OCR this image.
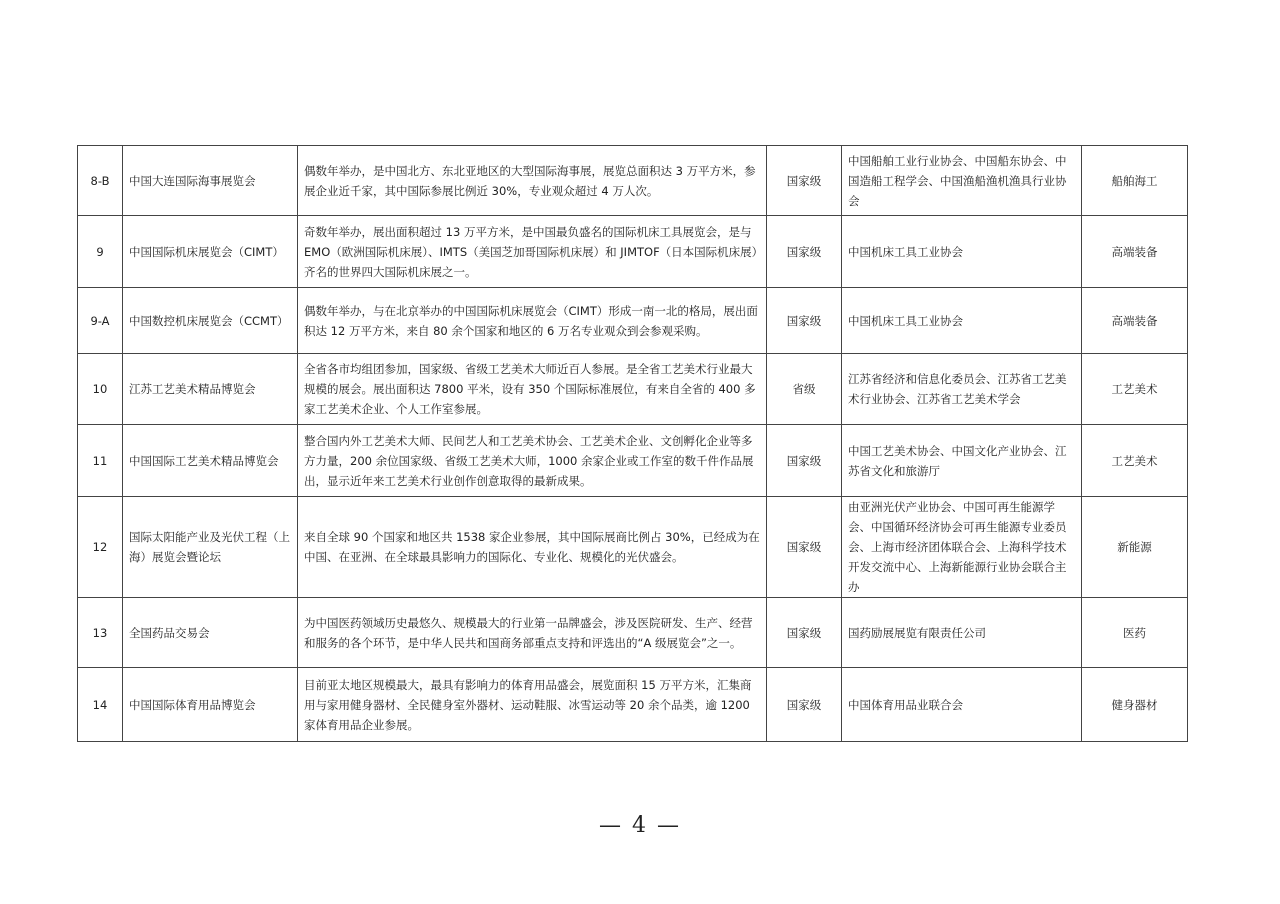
8-B	中国大连国际海事展览会	偶数年举办，是中国北方、东北亚地区的大型国际海事展，展览总面积达 3 万平方米，参展企业近千家，其中国际参展比例近 30%，专业观众超过 4 万人次。	国家级	中国船舶工业行业协会、中国船东协会、中国造船工程学会、中国渔船渔机渔具行业协会	船舶海工

9	中国国际机床展览会（CIMT）	奇数年举办，展出面积超过 13 万平方米，是中国最负盛名的国际机床工具展览会，是与 EMO（欧洲国际机床展）、IMTS（美国芝加哥国际机床展）和 JIMTOF（日本国际机床展）齐名的世界四大国际机床展之一。	国家级	中国机床工具工业协会	高端装备

9-A	中国数控机床展览会（CCMT）	偶数年举办，与在北京举办的中国国际机床展览会（CIMT）形成一南一北的格局，展出面积达 12 万平方米，来自 80 余个国家和地区的 6 万名专业观众到会参观采购。	国家级	中国机床工具工业协会	高端装备

10	江苏工艺美术精品博览会	全省各市均组团参加，国家级、省级工艺美术大师近百人参展。是全省工艺美术行业最大规模的展会。展出面积达 7800 平米，设有 350 个国际标准展位，有来自全省的 400 多家工艺美术企业、个人工作室参展。	省级	江苏省经济和信息化委员会、江苏省工艺美术行业协会、江苏省工艺美术学会	工艺美术

11	中国国际工艺美术精品博览会	整合国内外工艺美术大师、民间艺人和工艺美术协会、工艺美术企业、文创孵化企业等多方力量，200 余位国家级、省级工艺美术大师，1000 余家企业或工作室的数千件作品展出，显示近年来工艺美术行业创作创意取得的最新成果。	国家级	中国工艺美术协会、中国文化产业协会、江苏省文化和旅游厅	工艺美术

12	国际太阳能产业及光伏工程（上海）展览会暨论坛	来自全球 90 个国家和地区共 1538 家企业参展，其中国际展商比例占 30%，已经成为在中国、在亚洲、在全球最具影响力的国际化、专业化、规模化的光伏盛会。	国家级	由亚洲光伏产业协会、中国可再生能源学会、中国循环经济协会可再生能源专业委员会、上海市经济团体联合会、上海科学技术开发交流中心、上海新能源行业协会联合主办	新能源

13	全国药品交易会	为中国医药领域历史最悠久、规模最大的行业第一品牌盛会，涉及医院研发、生产、经营和服务的各个环节，是中华人民共和国商务部重点支持和评选出的“A 级展览会”之一。	国家级	国药励展展览有限责任公司	医药

14	中国国际体育用品博览会	目前亚太地区规模最大，最具有影响力的体育用品盛会，展览面积 15 万平方米，汇集商用与家用健身器材、全民健身室外器材、运动鞋服、冰雪运动等 20 余个品类，逾 1200 家体育用品企业参展。	国家级	中国体育用品业联合会	健身器材
— 4 —
